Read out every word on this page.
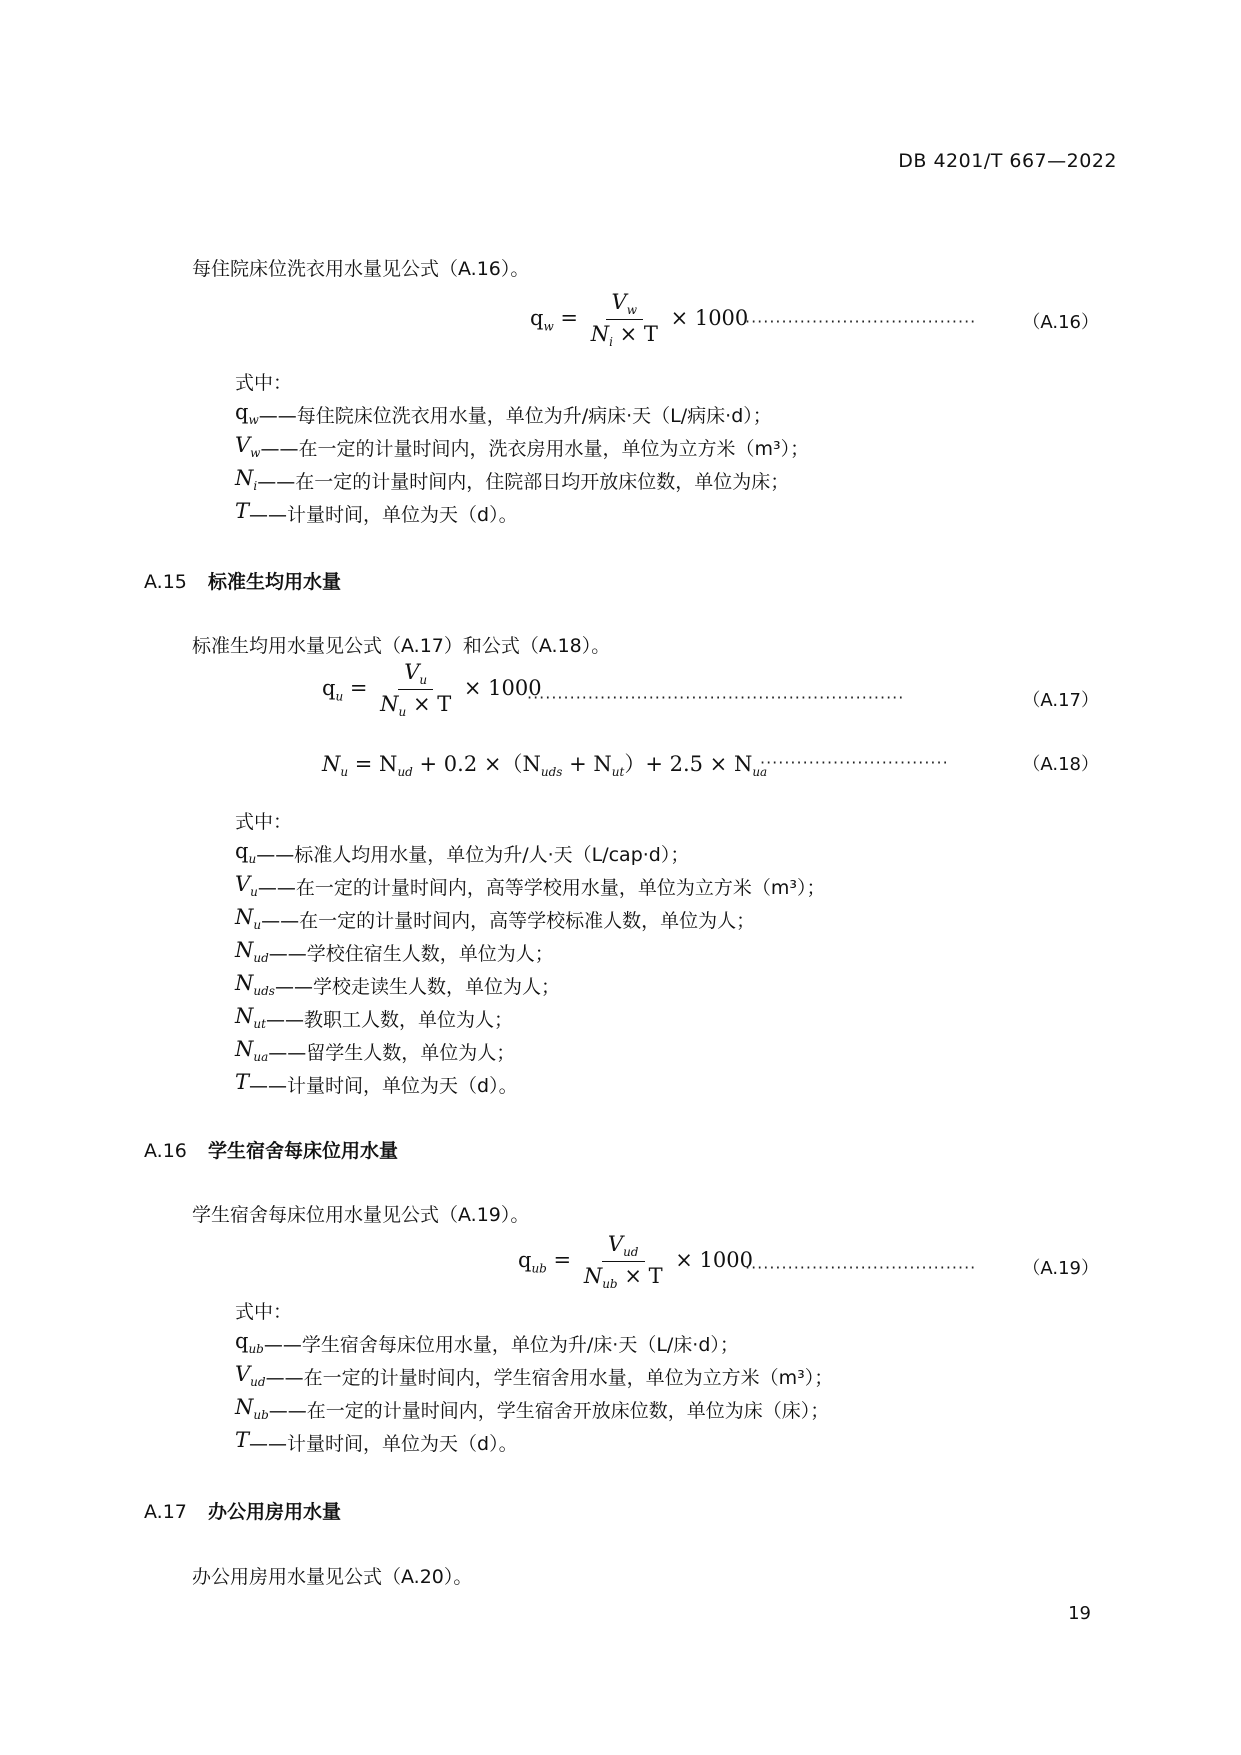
DB 4201/T 667—2022
每住院床位洗衣用水量见公式（A.16）。
$q_w = \frac{V_w}{N_i \times T} \times 1000$
······································	（A.16）
式中：
$q_w$ ——每住院床位洗衣用水量，单位为升/病床·天（L/病床·d）；
$V_w$ ——在一定的计量时间内，洗衣房用水量，单位为立方米（m³）；
$N_i$ ——在一定的计量时间内，住院部日均开放床位数，单位为床；
T ——计量时间，单位为天（d）。
A.15 标准生均用水量
标准生均用水量见公式（A.17）和公式（A.18）。
$q_u = \frac{V_u}{N_u \times T} \times 1000$
······························································	（A.17）
$N_u = N_{ud} + 0.2 \times(N_{uds} + N_{ut})+ 2.5 \times N_{ua}$
·······························	（A.18）
式中：
$q_u$ ——标准人均用水量，单位为升/人·天（L/cap·d）；
$V_u$ ——在一定的计量时间内，高等学校用水量，单位为立方米（m³）；
$N_u$ ——在一定的计量时间内，高等学校标准人数，单位为人；
$N_{ud}$ ——学校住宿生人数，单位为人；
$N_{uds}$ ——学校走读生人数，单位为人；
$N_{ut}$ ——教职工人数，单位为人；
$N_{ua}$ ——留学生人数，单位为人；
T ——计量时间，单位为天（d）。
A.16 学生宿舍每床位用水量
学生宿舍每床位用水量见公式（A.19）。
$q_{ub} = \frac{V_{ud}}{N_{ub} \times T} \times 1000$
······································	（A.19）
式中：
$q_{ub}$ ——学生宿舍每床位用水量，单位为升/床·天（L/床·d）；
$V_{ud}$ ——在一定的计量时间内，学生宿舍用水量，单位为立方米（m³）；
$N_{ub}$ ——在一定的计量时间内，学生宿舍开放床位数，单位为床（床）；
T ——计量时间，单位为天（d）。
A.17 办公用房用水量
办公用房用水量见公式（A.20）。
19
